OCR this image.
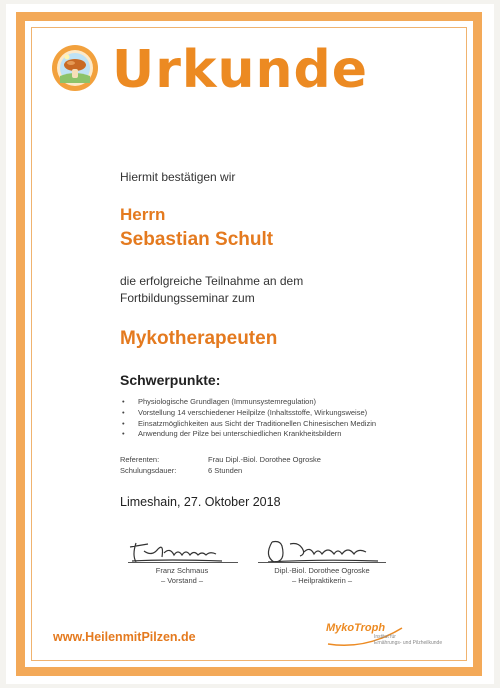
Urkunde
Hiermit bestätigen wir
Herrn
Sebastian Schult
die erfolgreiche Teilnahme an dem
Fortbildungsseminar zum
Mykotherapeuten
Schwerpunkte:
• Physiologische Grundlagen (Immunsystemregulation)
• Vorstellung 14 verschiedener Heilpilze (Inhaltsstoffe, Wirkungsweise)
• Einsatzmöglichkeiten aus Sicht der Traditionellen Chinesischen Medizin
• Anwendung der Pilze bei unterschiedlichen Krankheitsbildern
Referenten:	Frau Dipl.-Biol. Dorothee Ogroske
Schulungsdauer:	6 Stunden
Limeshain, 27. Oktober 2018
Franz Schmaus
– Vorstand –
Dipl.-Biol. Dorothee Ogroske
– Heilpraktikerin –
www.HeilenmitPilzen.de
MykoTroph
Institut für
Ernährungs- und Pilzheilkunde
